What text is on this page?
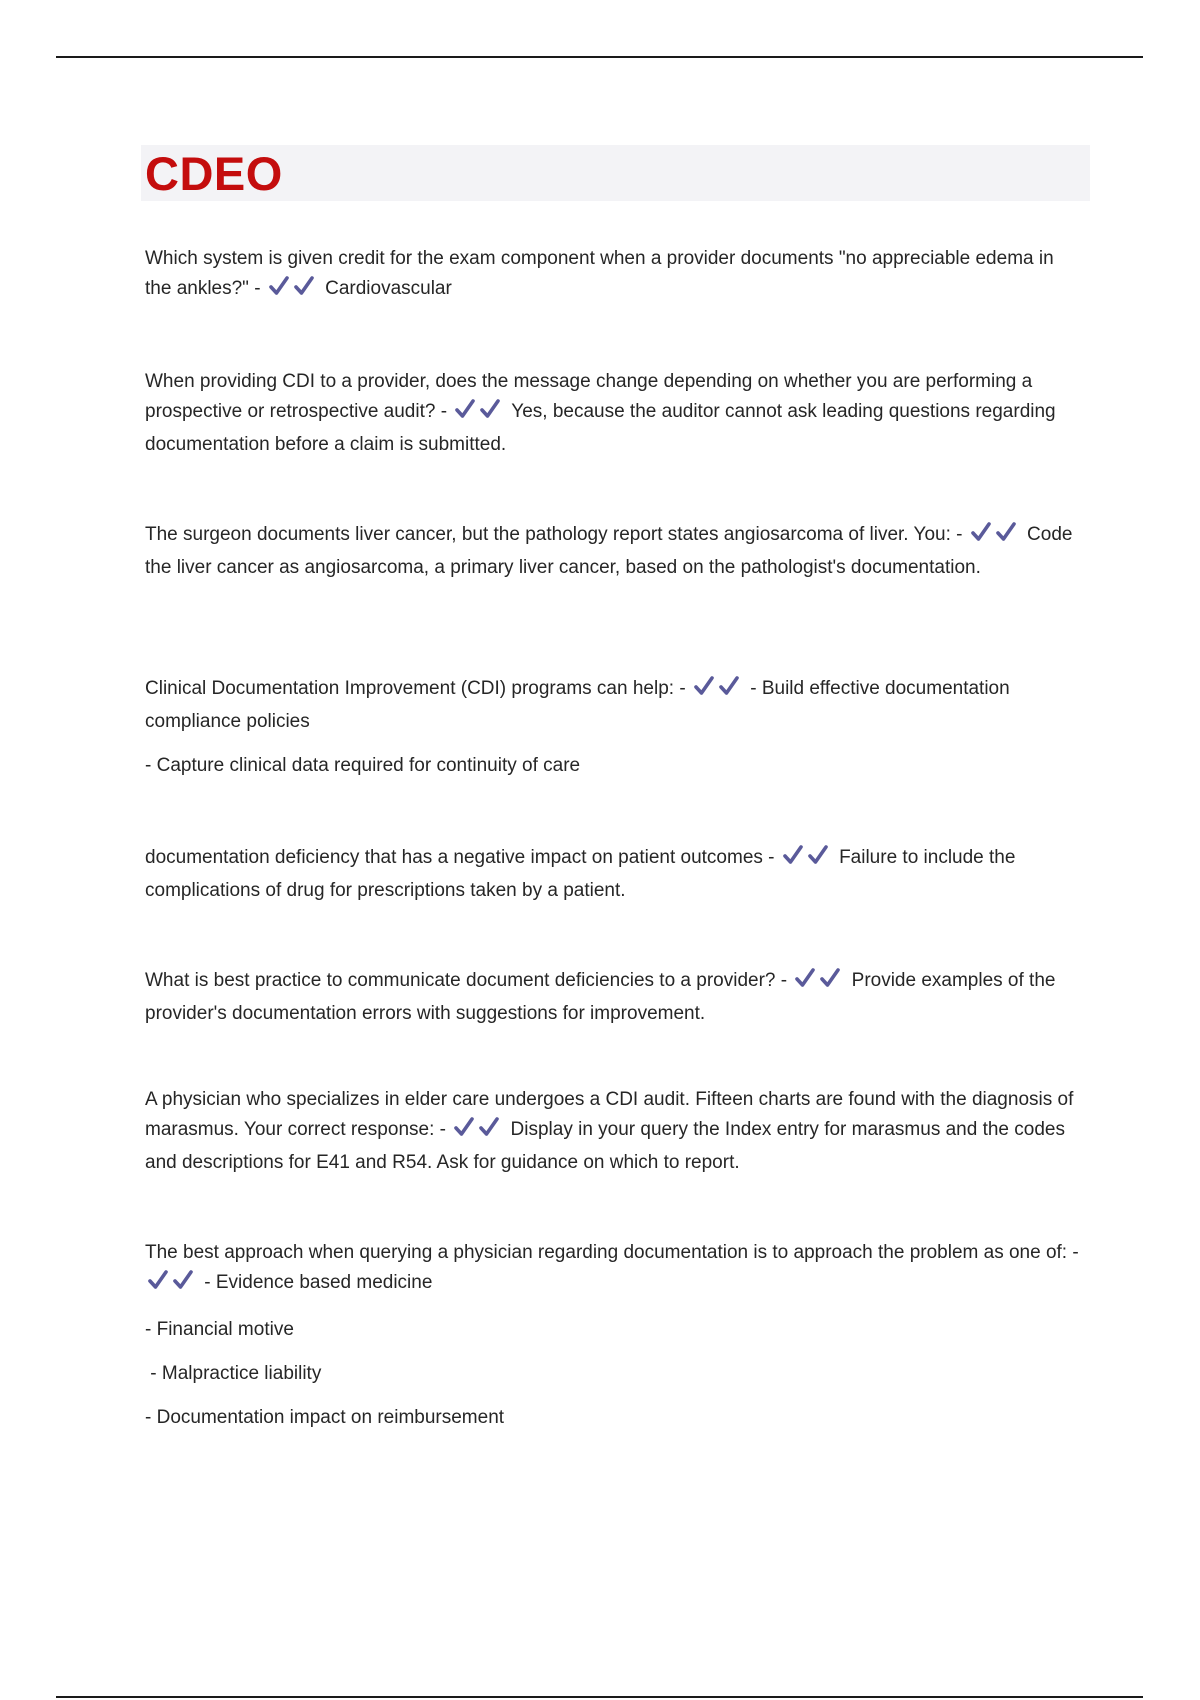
CDEO

Which system is given credit for the exam component when a provider documents "no appreciable edema in the ankles?" -	Cardiovascular

When providing CDI to a provider, does the message change depending on whether you are performing a prospective or retrospective audit? -	Yes, because the auditor cannot ask leading questions regarding documentation before a claim is submitted.

The surgeon documents liver cancer, but the pathology report states angiosarcoma of liver. You: -	Code the liver cancer as angiosarcoma, a primary liver cancer, based on the pathologist's documentation.

Clinical Documentation Improvement (CDI) programs can help: -	- Build effective documentation compliance policies

- Capture clinical data required for continuity of care

documentation deficiency that has a negative impact on patient outcomes -	Failure to include the complications of drug for prescriptions taken by a patient.

What is best practice to communicate document deficiencies to a provider? -	Provide examples of the provider's documentation errors with suggestions for improvement.

A physician who specializes in elder care undergoes a CDI audit. Fifteen charts are found with the diagnosis of marasmus. Your correct response: -	Display in your query the Index entry for marasmus and the codes and descriptions for E41 and R54. Ask for guidance on which to report.

The best approach when querying a physician regarding documentation is to approach the problem as one of: -  - Evidence based medicine

- Financial motive

- Malpractice liability

- Documentation impact on reimbursement
